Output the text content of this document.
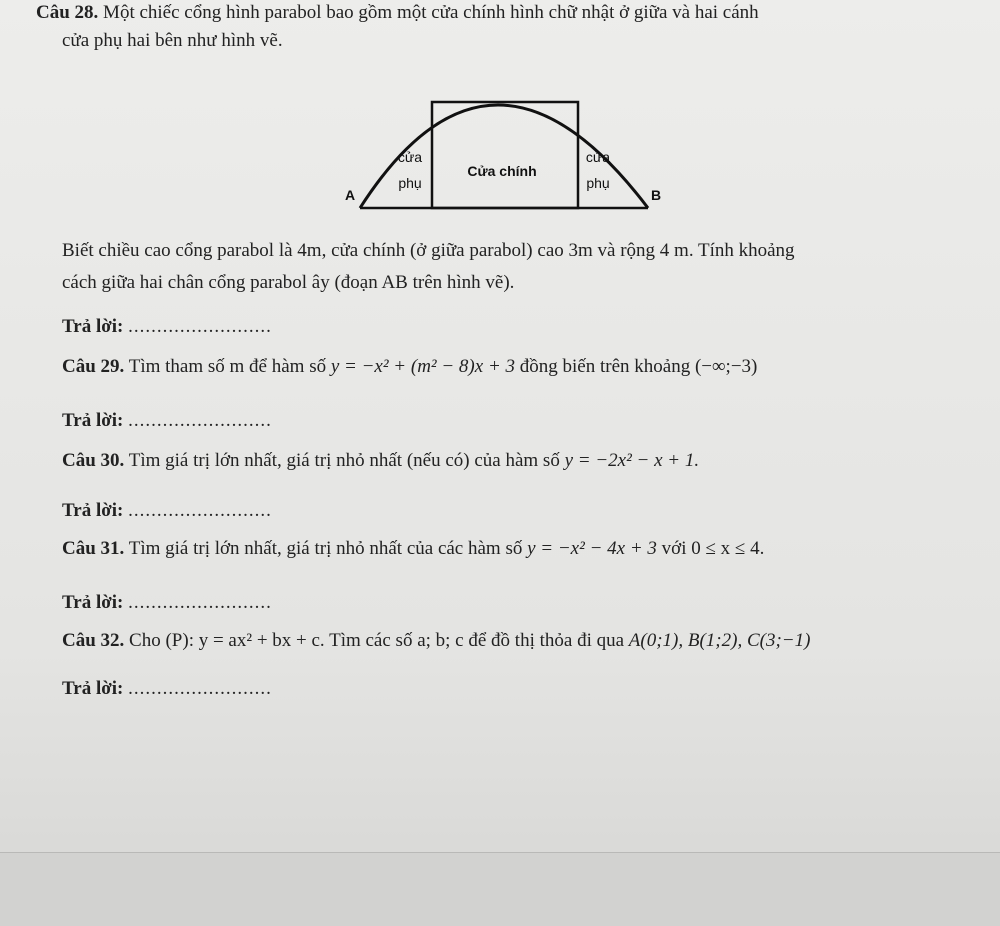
Câu 28. Một chiếc cổng hình parabol bao gồm một cửa chính hình chữ nhật ở giữa và hai cánh
cửa phụ hai bên như hình vẽ.
Cửa chính
cửa
phụ
cửa
phụ
A	B
Biết chiều cao cổng parabol là 4m, cửa chính (ở giữa parabol) cao 3m và rộng 4 m. Tính khoảng
cách giữa hai chân cổng parabol ây (đoạn AB trên hình vẽ).
Trả lời: .........................
Câu 29. Tìm tham số m để hàm số y = −x² + (m² − 8)x + 3 đồng biến trên khoảng (−∞;−3)
Trả lời: .........................
Câu 30. Tìm giá trị lớn nhất, giá trị nhỏ nhất (nếu có) của hàm số y = −2x² − x + 1.
Trả lời: .........................
Câu 31. Tìm giá trị lớn nhất, giá trị nhỏ nhất của các hàm số y = −x² − 4x + 3 với 0 ≤ x ≤ 4.
Trả lời: .........................
Câu 32. Cho (P): y = ax² + bx + c. Tìm các số a; b; c để đồ thị thỏa đi qua A(0;1), B(1;2), C(3;−1)
Trả lời: .........................
